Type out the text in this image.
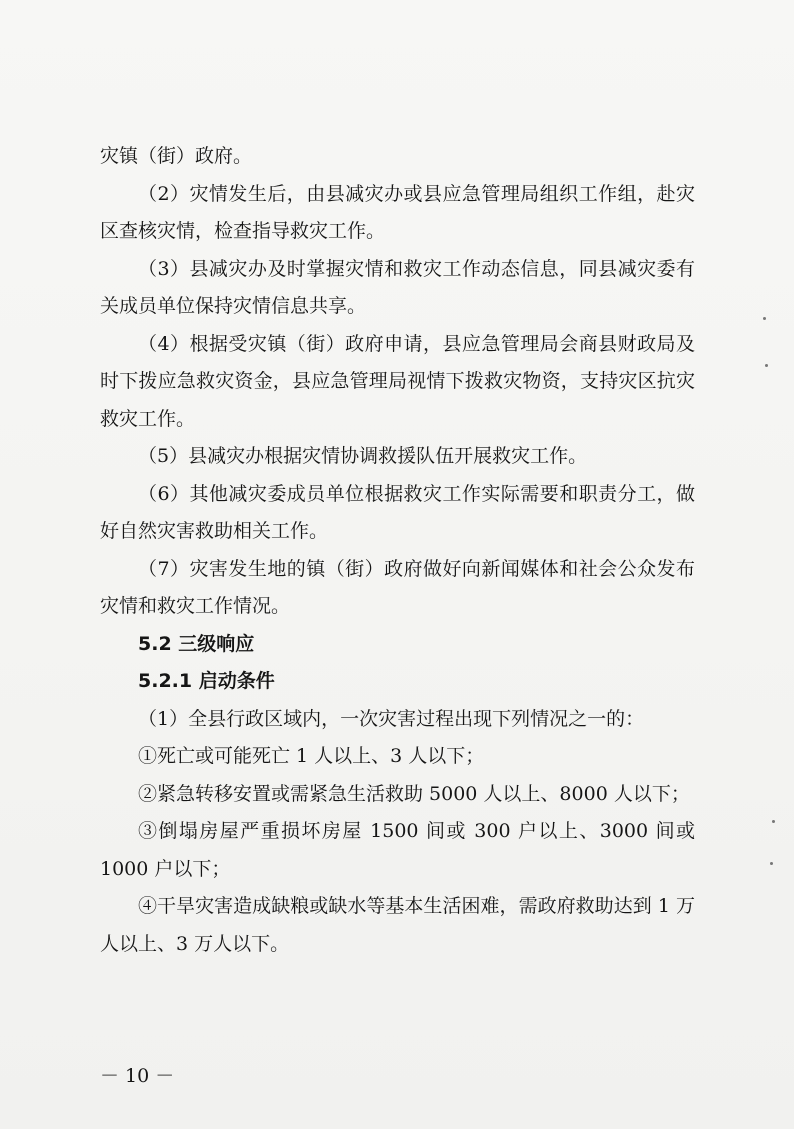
灾镇（街）政府。

（2）灾情发生后，由县减灾办或县应急管理局组织工作组，赴灾区查核灾情，检查指导救灾工作。

（3）县减灾办及时掌握灾情和救灾工作动态信息，同县减灾委有关成员单位保持灾情信息共享。

（4）根据受灾镇（街）政府申请，县应急管理局会商县财政局及时下拨应急救灾资金，县应急管理局视情下拨救灾物资，支持灾区抗灾救灾工作。

（5）县减灾办根据灾情协调救援队伍开展救灾工作。

（6）其他减灾委成员单位根据救灾工作实际需要和职责分工，做好自然灾害救助相关工作。

（7）灾害发生地的镇（街）政府做好向新闻媒体和社会公众发布灾情和救灾工作情况。

5.2 三级响应

5.2.1 启动条件

（1）全县行政区域内，一次灾害过程出现下列情况之一的：

①死亡或可能死亡 1 人以上、3 人以下；

②紧急转移安置或需紧急生活救助 5000 人以上、8000 人以下；

③倒塌房屋严重损坏房屋 1500 间或 300 户以上、3000 间或 1000 户以下；

④干旱灾害造成缺粮或缺水等基本生活困难，需政府救助达到 1 万人以上、3 万人以下。

－ 10 －
